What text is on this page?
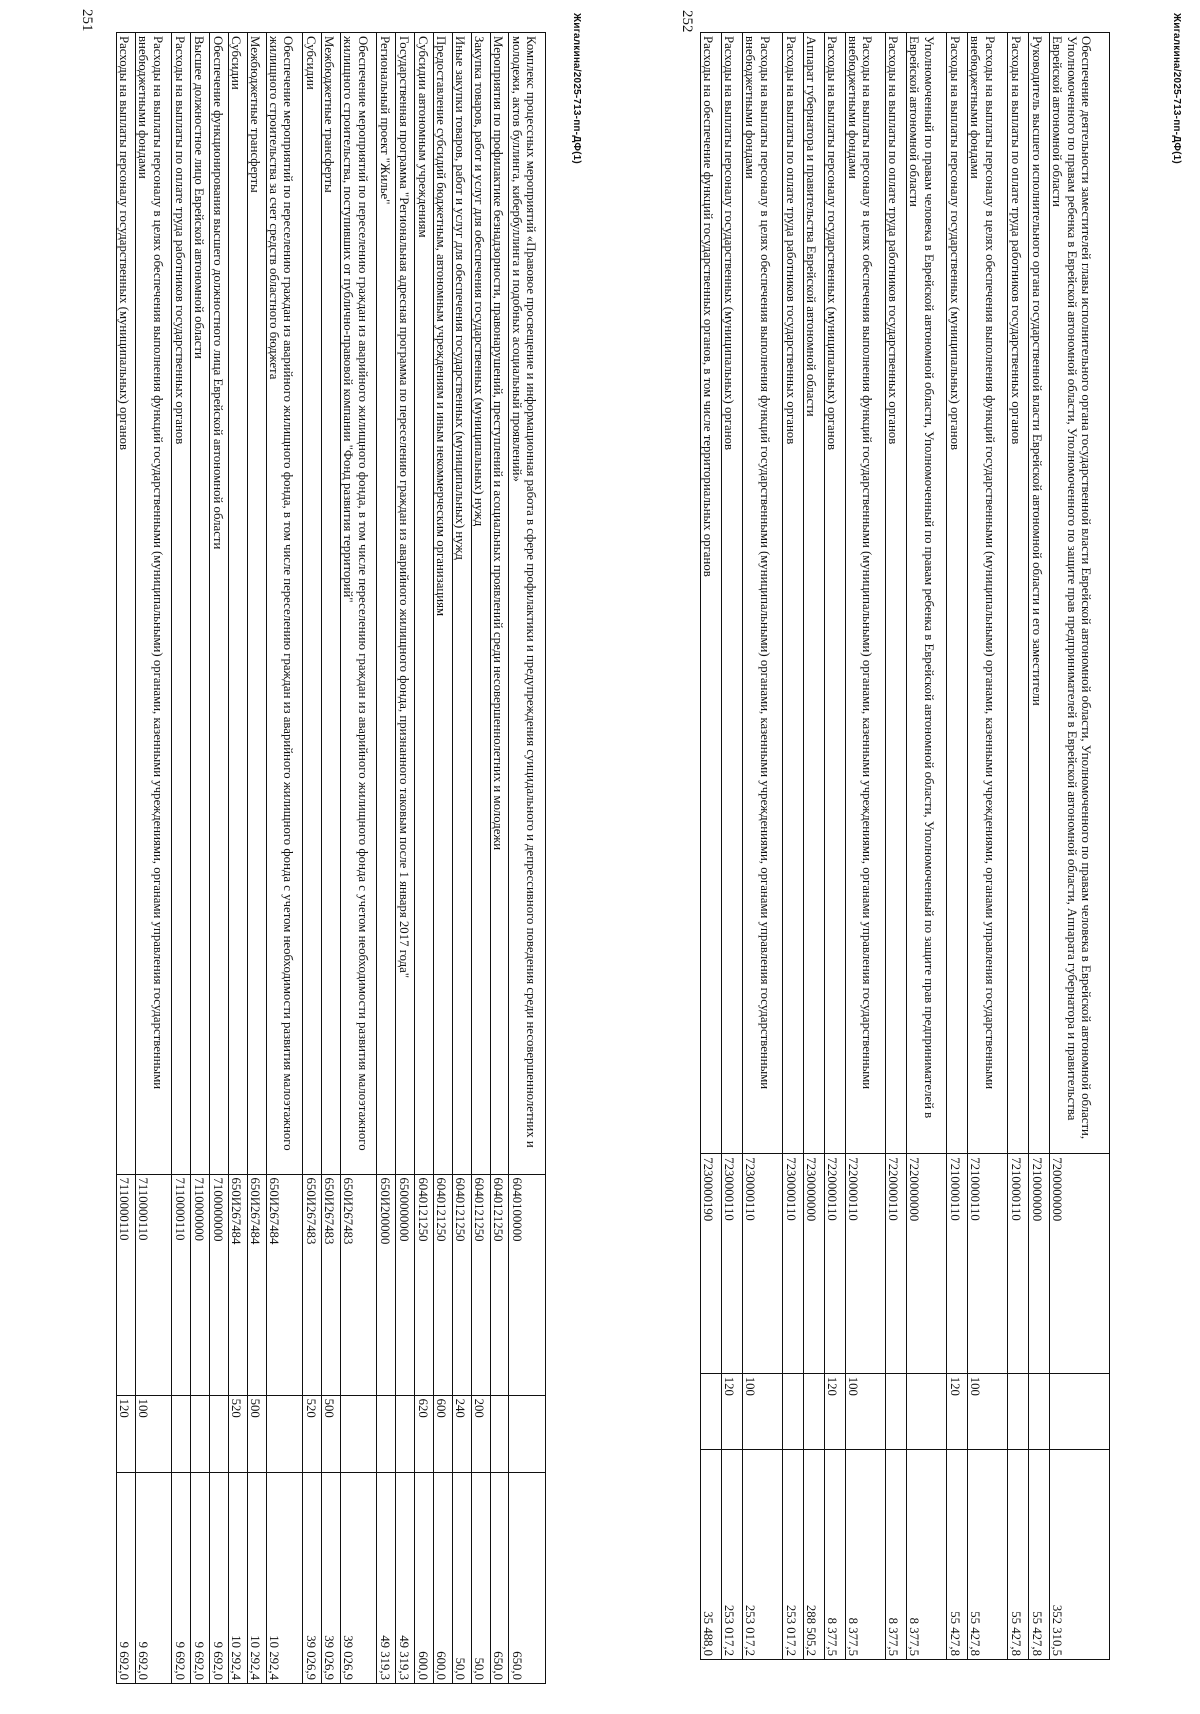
251
Комплекс процессных мероприятий «Правовое просвещение и информационная работа в сфере профилактики и предупреждения суицидального и депрессивного поведения среди несовершеннолетних и молодежи, актов буллинга, кибербуллинга и подобных асоциальный проявлений»	6040100000		650,0
Мероприятия по профилактике безнадзорности, правонарушений, преступлений и асоциальных проявлений среди несовершеннолетних и молодежи	6040121250		650,0
Закупка товаров, работ и услуг для обеспечения государственных (муниципальных) нужд	6040121250	200	50,0
Иные закупки товаров, работ и услуг для обеспечения государственных (муниципальных) нужд	6040121250	240	50,0
Предоставление субсидий бюджетным, автономным учреждениям и иным некоммерческим организациям	6040121250	600	600,0
Субсидии автономным учреждениям	6040121250	620	600,0
Государственная программа "Региональная адресная программа по переселению граждан из аварийного жилищного фонда, признанного таковым после 1 января 2017 года"	6500000000		49 319,3
Региональный проект "Жилье"	650И200000		49 319,3
Обеспечение мероприятий по переселению граждан из аварийного жилищного фонда, в том числе переселению граждан из аварийного жилищного фонда с учетом необходимости развития малоэтажного жилищного строительства, поступивших от публично-правовой компании "Фонд развития территорий"	650И267483		39 026,9
Межбюджетные трансферты	650И267483	500	39 026,9
Субсидии	650И267483	520	39 026,9
Обеспечение мероприятий по переселению граждан из аварийного жилищного фонда, в том числе переселению граждан из аварийного жилищного фонда с учетом необходимости развития малоэтажного жилищного строительства за счет средств областного бюджета	650И267484		10 292,4
Межбюджетные трансферты	650И267484	500	10 292,4
Субсидии	650И267484	520	10 292,4
Обеспечение функционирования высшего должностного лица Еврейской автономной области	7100000000		9 692,0
Высшее должностное лицо Еврейской автономной области	7110000000		9 692,0
Расходы на выплаты по оплате труда работников государственных органов	7110000110		9 692,0
Расходы на выплаты персоналу в целях обеспечения выполнения функций государственными (муниципальными) органами, казенными учреждениями, органами управления государственными внебюджетными фондами	7110000110	100	9 692,0
Расходы на выплаты персоналу государственных (муниципальных) органов	7110000110	120	9 692,0
Жигалкина/2025-713-пп-ДФ(1)	252
Обеспечение деятельности заместителей главы исполнительного органа государственной власти Еврейской автономной области, Уполномоченного по правам человека в Еврейской автономной области, Уполномоченного по правам ребенка в Еврейской автономной области, Уполномоченного по защите прав предпринимателей в Еврейской автономной области, Аппарата губернатора и правительства Еврейской автономной области	7200000000		352 310,5
Руководитель высшего исполнительного органа государственной власти Еврейской автономной области и его заместители	7210000000		55 427,8
Расходы на выплаты по оплате труда работников государственных органов	7210000110		55 427,8
Расходы на выплаты персоналу в целях обеспечения выполнения функций государственными (муниципальными) органами, казенными учреждениями, органами управления государственными внебюджетными фондами	7210000110	100	55 427,8
Расходы на выплаты персоналу государственных (муниципальных) органов	7210000110	120	55 427,8
Уполномоченный по правам человека в Еврейской автономной области, Уполномоченный по правам ребенка в Еврейской автономной области, Уполномоченный по защите прав предпринимателей в Еврейской автономной области	7220000000		8 377,5
Расходы на выплаты по оплате труда работников государственных органов	7220000110		8 377,5
Расходы на выплаты персоналу в целях обеспечения выполнения функций государственными (муниципальными) органами, казенными учреждениями, органами управления государственными внебюджетными фондами	7220000110	100	8 377,5
Расходы на выплаты персоналу государственных (муниципальных) органов	7220000110	120	8 377,5
Аппарат губернатора и правительства Еврейской автономной области	7230000000		288 505,2
Расходы на выплаты по оплате труда работников государственных органов	7230000110		253 017,2
Расходы на выплаты персоналу в целях обеспечения выполнения функций государственными (муниципальными) органами, казенными учреждениями, органами управления государственными внебюджетными фондами	7230000110	100	253 017,2
Расходы на выплаты персоналу государственных (муниципальных) органов	7230000110	120	253 017,2
Расходы на обеспечение функций государственных органов, в том числе территориальных органов	7230000190		35 488,0
Жигалкина/2025-713-пп-ДФ(1)
